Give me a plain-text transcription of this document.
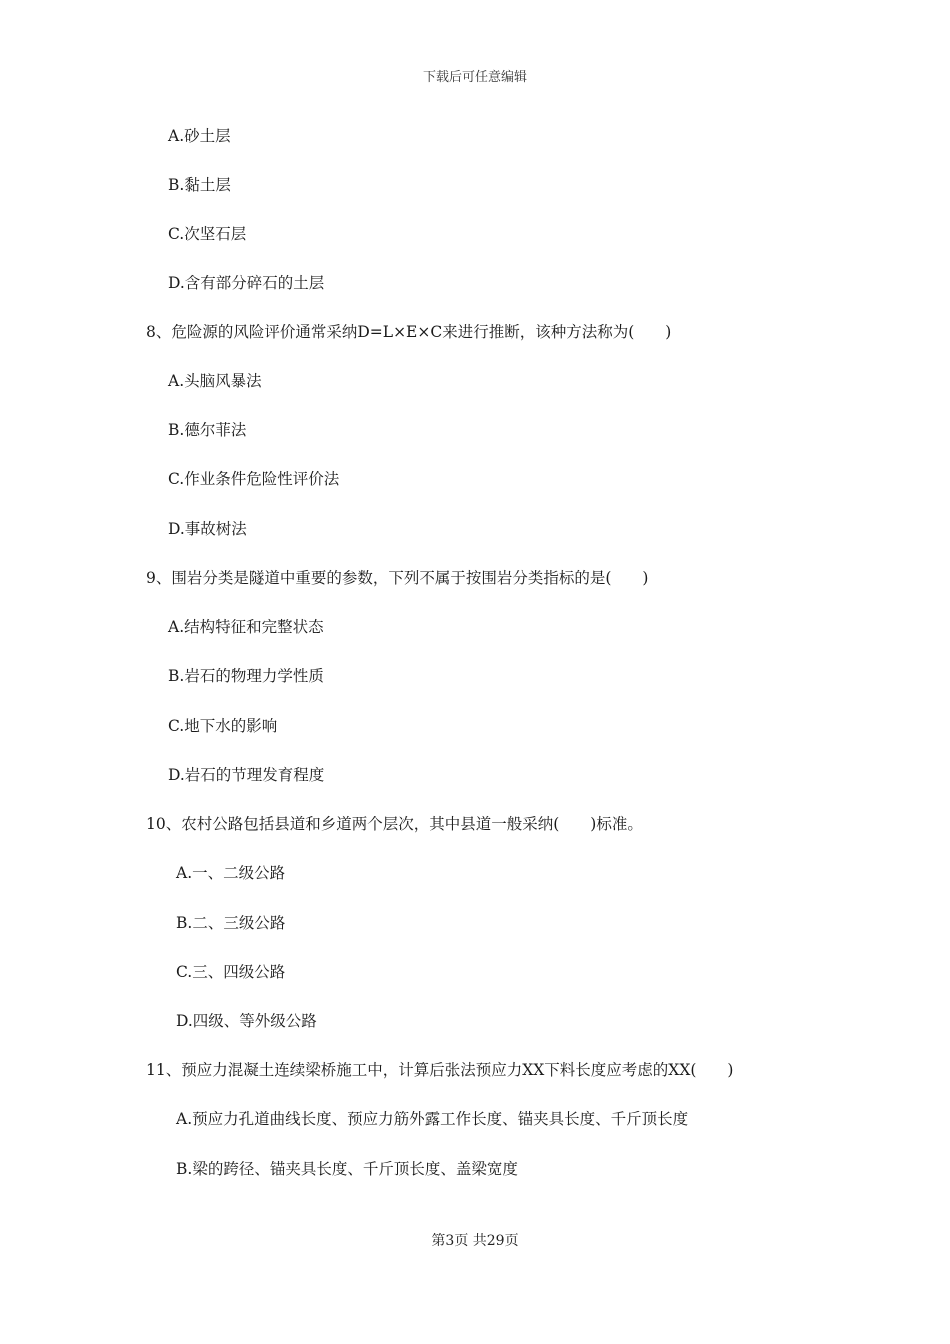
下载后可任意编辑
A.砂土层
B.黏土层
C.次坚石层
D.含有部分碎石的土层
8、危险源的风险评价通常采纳D=L×E×C来进行推断，该种方法称为(　　)
A.头脑风暴法
B.德尔菲法
C.作业条件危险性评价法
D.事故树法
9、围岩分类是隧道中重要的参数，下列不属于按围岩分类指标的是(　　)
A.结构特征和完整状态
B.岩石的物理力学性质
C.地下水的影响
D.岩石的节理发育程度
10、农村公路包括县道和乡道两个层次，其中县道一般采纳(　　)标准。
A.一、二级公路
B.二、三级公路
C.三、四级公路
D.四级、等外级公路
11、预应力混凝土连续梁桥施工中，计算后张法预应力XX下料长度应考虑的XX(　　)
A.预应力孔道曲线长度、预应力筋外露工作长度、锚夹具长度、千斤顶长度
B.梁的跨径、锚夹具长度、千斤顶长度、盖梁宽度
第3页 共29页
